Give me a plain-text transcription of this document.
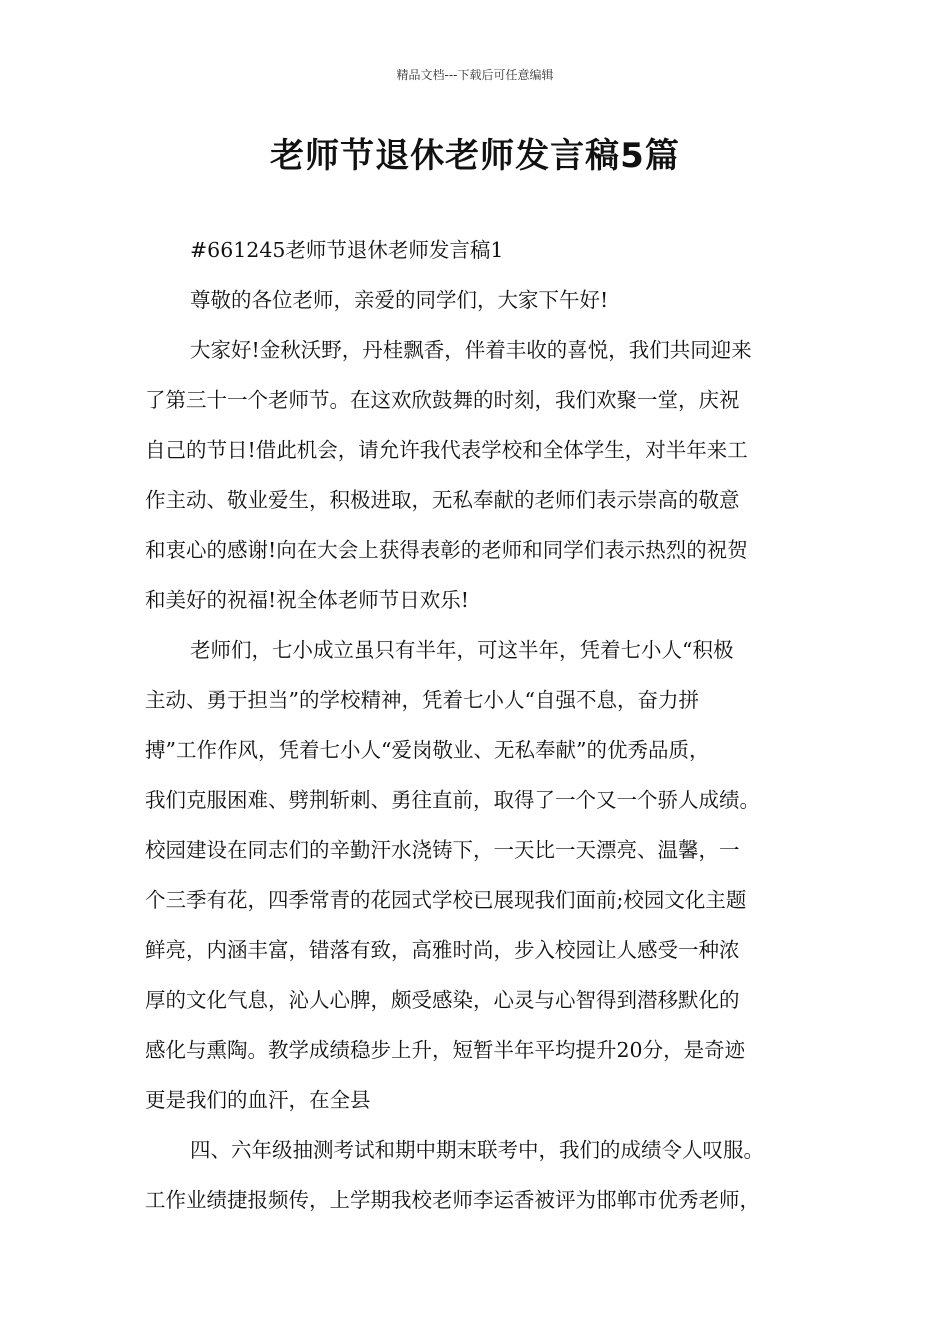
精品文档---下载后可任意编辑
老师节退休老师发言稿5篇
#661245老师节退休老师发言稿1
尊敬的各位老师，亲爱的同学们，大家下午好!
大家好!金秋沃野，丹桂飘香，伴着丰收的喜悦，我们共同迎来
了第三十一个老师节。在这欢欣鼓舞的时刻，我们欢聚一堂，庆祝
自己的节日!借此机会，请允许我代表学校和全体学生，对半年来工
作主动、敬业爱生，积极进取，无私奉献的老师们表示崇高的敬意
和衷心的感谢!向在大会上获得表彰的老师和同学们表示热烈的祝贺
和美好的祝福!祝全体老师节日欢乐!
老师们，七小成立虽只有半年，可这半年，凭着七小人“积极
主动、勇于担当”的学校精神，凭着七小人“自强不息，奋力拼
搏”工作作风，凭着七小人“爱岗敬业、无私奉献”的优秀品质，
我们克服困难、劈荆斩刺、勇往直前，取得了一个又一个骄人成绩。
校园建设在同志们的辛勤汗水浇铸下，一天比一天漂亮、温馨，一
个三季有花，四季常青的花园式学校已展现我们面前;校园文化主题
鲜亮，内涵丰富，错落有致，高雅时尚，步入校园让人感受一种浓
厚的文化气息，沁人心脾，颇受感染，心灵与心智得到潜移默化的
感化与熏陶。教学成绩稳步上升，短暂半年平均提升20分，是奇迹
更是我们的血汗，在全县
四、六年级抽测考试和期中期末联考中，我们的成绩令人叹服。
工作业绩捷报频传，上学期我校老师李运香被评为邯郸市优秀老师，
